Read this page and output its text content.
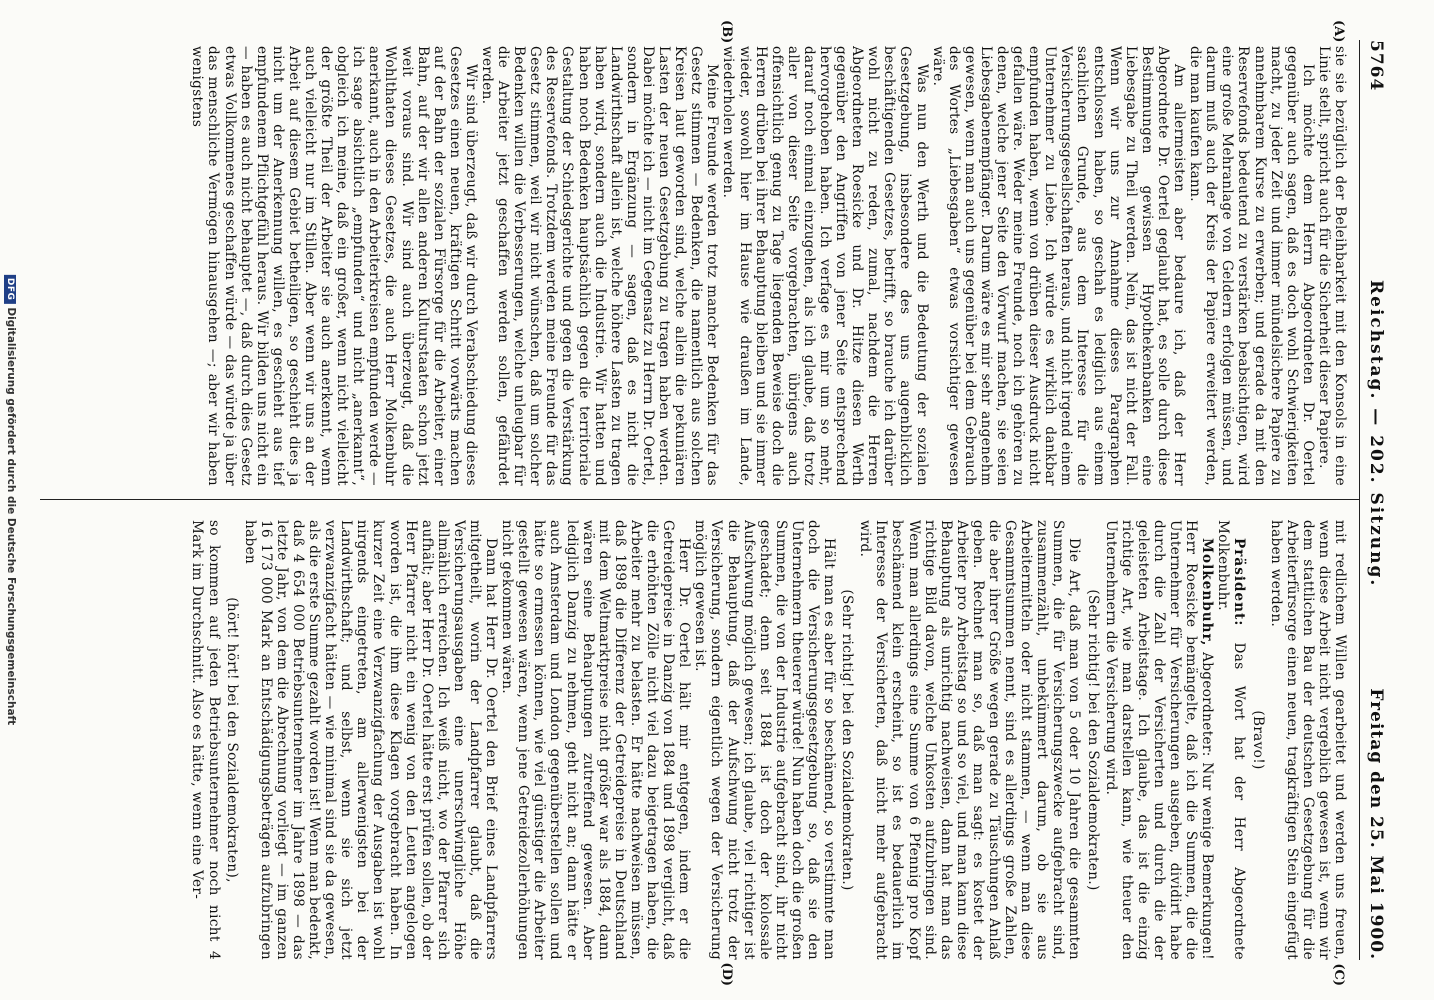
5764
Reichstag. — 202. Sitzung.
Freitag den 25. Mai 1900.
(A)
(B)
(C)
(D)

sie sie bezüglich der Beleihbarkeit mit den Konsols in eine Linie stellt, spricht auch für die Sicherheit dieser Papiere.

Ich möchte dem Herrn Abgeordneten Dr. Oertel gegenüber auch sagen, daß es doch wohl Schwierigkeiten macht, zu jeder Zeit und immer mündelsichere Papiere zu annehmbarem Kurse zu erwerben; und gerade da mit den Reservefonds bedeutend zu verstärken beabsichtigen, wird eine große Mehranlage von Geldern erfolgen müssen, und darum muß auch der Kreis der Papiere erweitert werden, die man kaufen kann.

Am allermeisten aber bedaure ich, daß der Herr Abgeordnete Dr. Oertel geglaubt hat, es solle durch diese Bestimmungen gewissen Hypothekenbanken eine Liebesgabe zu Theil werden. Nein, das ist nicht der Fall. Wenn wir uns zur Annahme dieses Paragraphen entschlossen haben, so geschah es lediglich aus einem sachlichen Grunde, aus dem Interesse für die Versicherungsgesellschaften heraus, und nicht irgend einem Unternehmer zu Liebe. Ich würde es wirklich dankbar empfunden haben, wenn von drüben dieser Ausdruck nicht gefallen wäre. Weder meine Freunde, noch ich gehören zu denen, welche jener Seite den Vorwurf machen, sie seien Liebesgabenempfänger. Darum wäre es mir sehr angenehm gewesen, wenn man auch uns gegenüber bei dem Gebrauch des Wortes „Liebesgaben“ etwas vorsichtiger gewesen wäre.

Was nun den Werth und die Bedeutung der sozialen Gesetzgebung, insbesondere des uns augenblicklich beschäftigenden Gesetzes, betrifft, so brauche ich darüber wohl nicht zu reden, zumal, nachdem die Herren Abgeordneten Roesicke und Dr. Hitze diesen Werth gegenüber den Angriffen von jener Seite entsprechend hervorgehoben haben. Ich verfage es mir um so mehr, darauf noch einmal einzugehen, als ich glaube, daß trotz aller von dieser Seite vorgebrachten, übrigens auch offensichtlich genug zu Tage liegenden Beweise doch die Herren drüben bei ihrer Behauptung bleiben und sie immer wieder, sowohl hier im Hause wie draußen im Lande, wiederholen werden.

Meine Freunde werden trotz mancher Bedenken für das Gesetz stimmen — Bedenken, die namentlich aus solchen Kreisen laut geworden sind, welche allein die pekuniären Lasten der neuen Gesetzgebung zu tragen haben werden. Dabei möchte ich — nicht im Gegensatz zu Herrn Dr. Oertel, sondern in Ergänzung — sagen, daß es nicht die Landwirthschaft allein ist, welche höhere Lasten zu tragen haben wird, sondern auch die Industrie. Wir hatten und haben noch Bedenken hauptsächlich gegen die territoriale Gestaltung der Schiedsgerichte und gegen die Verstärkung des Reservefonds. Trotzdem werden meine Freunde für das Gesetz stimmen, weil wir nicht wünschen, daß um solcher Bedenken willen die Verbesserungen, welche unleugbar für die Arbeiter jetzt geschaffen werden sollen, gefährdet werden.

Wir sind überzeugt, daß wir durch Verabschiedung dieses Gesetzes einen neuen, kräftigen Schritt vorwärts machen auf der Bahn der sozialen Fürsorge für die Arbeiter, einer Bahn, auf der wir allen anderen Kulturstaaten schon jetzt weit voraus sind. Wir sind auch überzeugt, daß die Wohlthaten dieses Gesetzes, die auch Herr Molkenbuhr anerkannt, auch in den Arbeiterkreisen empfunden werde — ich sage absichtlich „empfunden“ und nicht „anerkannt“, obgleich ich meine, daß ein großer, wenn nicht vielleicht der größte Theil der Arbeiter sie auch anerkennt, wenn auch vielleicht nur im Stillen. Aber wenn wir uns an der Arbeit auf diesem Gebiet betheiligen, so geschieht dies ja nicht um der Anerkennung willen, es geschieht aus tief empfundenem Pflichtgefühl heraus. Wir bilden uns nicht ein — haben es auch nicht behauptet —, daß durch dies Gesetz etwas Vollkommenes geschaffen würde — das würde ja über das menschliche Vermögen hinausgehen —; aber wir haben wenigstens

mit redlichem Willen gearbeitet und werden uns freuen, wenn diese Arbeit nicht vergeblich gewesen ist, wenn wir dem stattlichen Bau der deutschen Gesetzgebung für die Arbeiterfürsorge einen neuen, tragkräftigen Stein eingefügt haben werden.

(Bravo!)

Präsident: Das Wort hat der Herr Abgeordnete Molkenbuhr.

Molkenbuhr, Abgeordneter: Nur wenige Bemerkungen! Herr Roesicke bemängelte, daß ich die Summen, die die Unternehmer für Versicherungen ausgeben, dividirt habe durch die Zahl der Versicherten und durch die der geleisteten Arbeitstage. Ich glaube, das ist die einzig richtige Art, wie man darstellen kann, wie theuer den Unternehmern die Versicherung wird.

(Sehr richtig! bei den Sozialdemokraten.)

Die Art, daß man von 5 oder 10 Jahren die gesammten Summen, die für Versicherungszwecke aufgebracht sind, zusammenzählt, unbekümmert darum, ob sie aus Arbeitermitteln oder nicht stammen, — wenn man diese Gesammtsummen nennt, sind es allerdings große Zahlen, die aber ihrer Größe wegen gerade zu Täuschungen Anlaß geben. Rechnet man so, daß man sagt: es kostet der Arbeiter pro Arbeitstag so und so viel, und man kann diese Behauptung als unrichtig nachweisen, dann hat man das richtige Bild davon, welche Unkosten aufzubringen sind. Wenn man allerdings eine Summe von 6 Pfennig pro Kopf beschämend klein erscheint, so ist es bedauerlich im Interesse der Versicherten, daß nicht mehr aufgebracht wird.

(Sehr richtig! bei den Sozialdemokraten.)

Hält man es aber für so beschämend, so verstimmte man doch die Versicherungsgesetzgebung so, daß sie den Unternehmern theuerer würde! Nun haben doch die großen Summen, die von der Industrie aufgebracht sind, ihr nicht geschadet; denn seit 1884 ist doch der kolossale Aufschwung möglich gewesen; ich glaube, viel richtiger ist die Behauptung, daß der Aufschwung nicht trotz der Versicherung, sondern eigentlich wegen der Versicherung möglich gewesen ist.

Herr Dr. Oertel hält mir entgegen, indem er die Getreidepreise in Danzig von 1884 und 1898 verglicht, daß die erhöhten Zölle nicht viel dazu beigetragen haben, die Arbeiter mehr zu belasten. Er hätte nachweisen müssen, daß 1898 die Differenz der Getreidepreise in Deutschland mit dem Weltmarktpreise nicht größer war als 1884, dann wären seine Behauptungen zutreffend gewesen. Aber lediglich Danzig zu nehmen, geht nicht an; dann hätte er auch Amsterdam und London gegenüberstellen sollen und hätte so ermessen können, wie viel günstiger die Arbeiter gestellt gewesen wären, wenn jene Getreidezollerhöhungen nicht gekommen wären.

Dann hat Herr Dr. Oertel den Brief eines Landpfarrers mitgetheilt, worin der Landpfarrer glaubt, daß die Versicherungsausgaben eine unerschwingliche Höhe allmählich erreichen. Ich weiß nicht, wo der Pfarrer sich aufhält; aber Herr Dr. Oertel hätte erst prüfen sollen, ob der Herr Pfarrer nicht ein wenig von den Leuten angelogen worden ist, die ihm diese Klagen vorgebracht haben. In kurzer Zeit eine Verzwanzigfachung der Ausgaben ist wohl nirgends eingetreten, am allerwenigsten bei der Landwirthschaft; und selbst, wenn sie sich jetzt verzwanzigfacht hätten — wie minimal sind sie da gewesen, als die erste Summe gezahlt worden ist! Wenn man bedenkt, daß 4 654 000 Betriebsunternehmer im Jahre 1898 — das letzte Jahr, von dem die Abrechnung vorliegt — im ganzen 16 173 000 Mark an Entschädigungsbeträgen aufzubringen haben

(hört! hört! bei den Sozialdemokraten),

so kommen auf jeden Betriebsunternehmer noch nicht 4 Mark im Durchschnitt. Also es hätte, wenn eine Ver-

DFGDigitalisierung gefördert durch die Deutsche Forschungsgemeinschaft
